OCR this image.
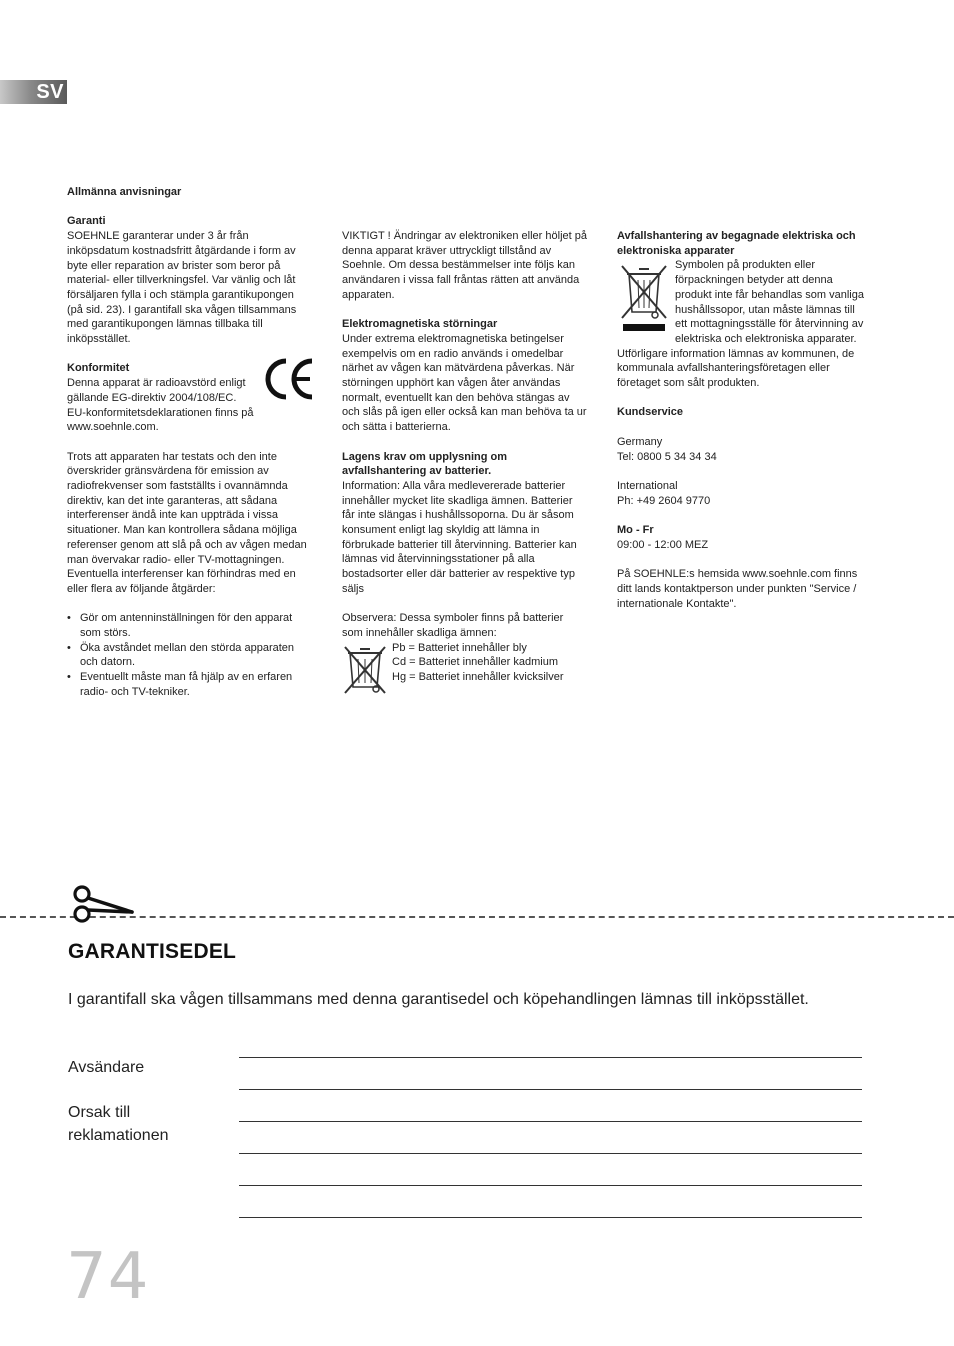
SV

Allmänna anvisningar

Garanti
SOEHNLE garanterar under 3 år från inköpsdatum kostnadsfritt åtgärdande i form av byte eller reparation av brister som beror på material- eller tillverkningsfel. Var vänlig och låt försäljaren fylla i och stämpla garantikupongen (på sid. 23). I garantifall ska vågen tillsammans med garantikupongen lämnas tillbaka till inköpsstället.

Konformitet
Denna apparat är radioavstörd enligt gällande EG-direktiv 2004/108/EC. EU-konformitetsdeklarationen finns på www.soehnle.com.

Trots att apparaten har testats och den inte överskrider gränsvärdena för emission av radiofrekvenser som fastställts i ovannämnda direktiv, kan det inte garanteras, att sådana interferenser ändå inte kan uppträda i vissa situationer. Man kan kontrollera sådana möjliga referenser genom att slå på och av vågen medan man övervakar radio- eller TV-mottagningen. Eventuella interferenser kan förhindras med en eller flera av följande åtgärder:

• Gör om antenninställningen för den apparat som störs.
• Öka avståndet mellan den störda apparaten och datorn.
• Eventuellt måste man få hjälp av en erfaren radio- och TV-tekniker.

VIKTIGT ! Ändringar av elektroniken eller höljet på denna apparat kräver uttryckligt tillstånd av Soehnle. Om dessa bestämmelser inte följs kan användaren i vissa fall fråntas rätten att använda apparaten.

Elektromagnetiska störningar
Under extrema elektromagnetiska betingelser exempelvis om en radio används i omedelbar närhet av vågen kan mätvärdena påverkas. När störningen upphört kan vågen åter användas normalt, eventuellt kan den behöva stängas av och slås på igen eller också kan man behöva ta ur och sätta i batterierna.

Lagens krav om upplysning om avfallshantering av batterier.
Information: Alla våra medlevererade batterier innehåller mycket lite skadliga ämnen. Batterier får inte slängas i hushållssoporna. Du är såsom konsument enligt lag skyldig att lämna in förbrukade batterier till återvinning. Batterier kan lämnas vid återvinningsstationer på alla bostadsorter eller där batterier av respektive typ säljs

Observera: Dessa symboler finns på batterier som innehåller skadliga ämnen:
Pb = Batteriet innehåller bly
Cd = Batteriet innehåller kadmium
Hg = Batteriet innehåller kvicksilver
Avfallshantering av begagnade elektriska och elektroniska apparater

Symbolen på produkten eller förpackningen betyder att denna produkt inte får behandlas som vanliga hushållssopor, utan måste lämnas till ett mottagningsställe för återvinning av elektriska och elektroniska apparater. Utförligare information lämnas av kommunen, de kommunala avfallshanteringsföretagen eller företaget som sålt produkten.

Kundservice

Germany
Tel: 0800 5 34 34 34

International
Ph: +49 2604 9770

Mo - Fr
09:00 - 12:00 MEZ

På SOEHNLE:s hemsida www.soehnle.com finns ditt lands kontaktperson under punkten "Service / internationale Kontakte".

GARANTISEDEL
I garantifall ska vågen tillsammans med denna garantisedel och köpehandlingen lämnas till inköpsstället.
Avsändare
Orsak till
reklamationen
74
